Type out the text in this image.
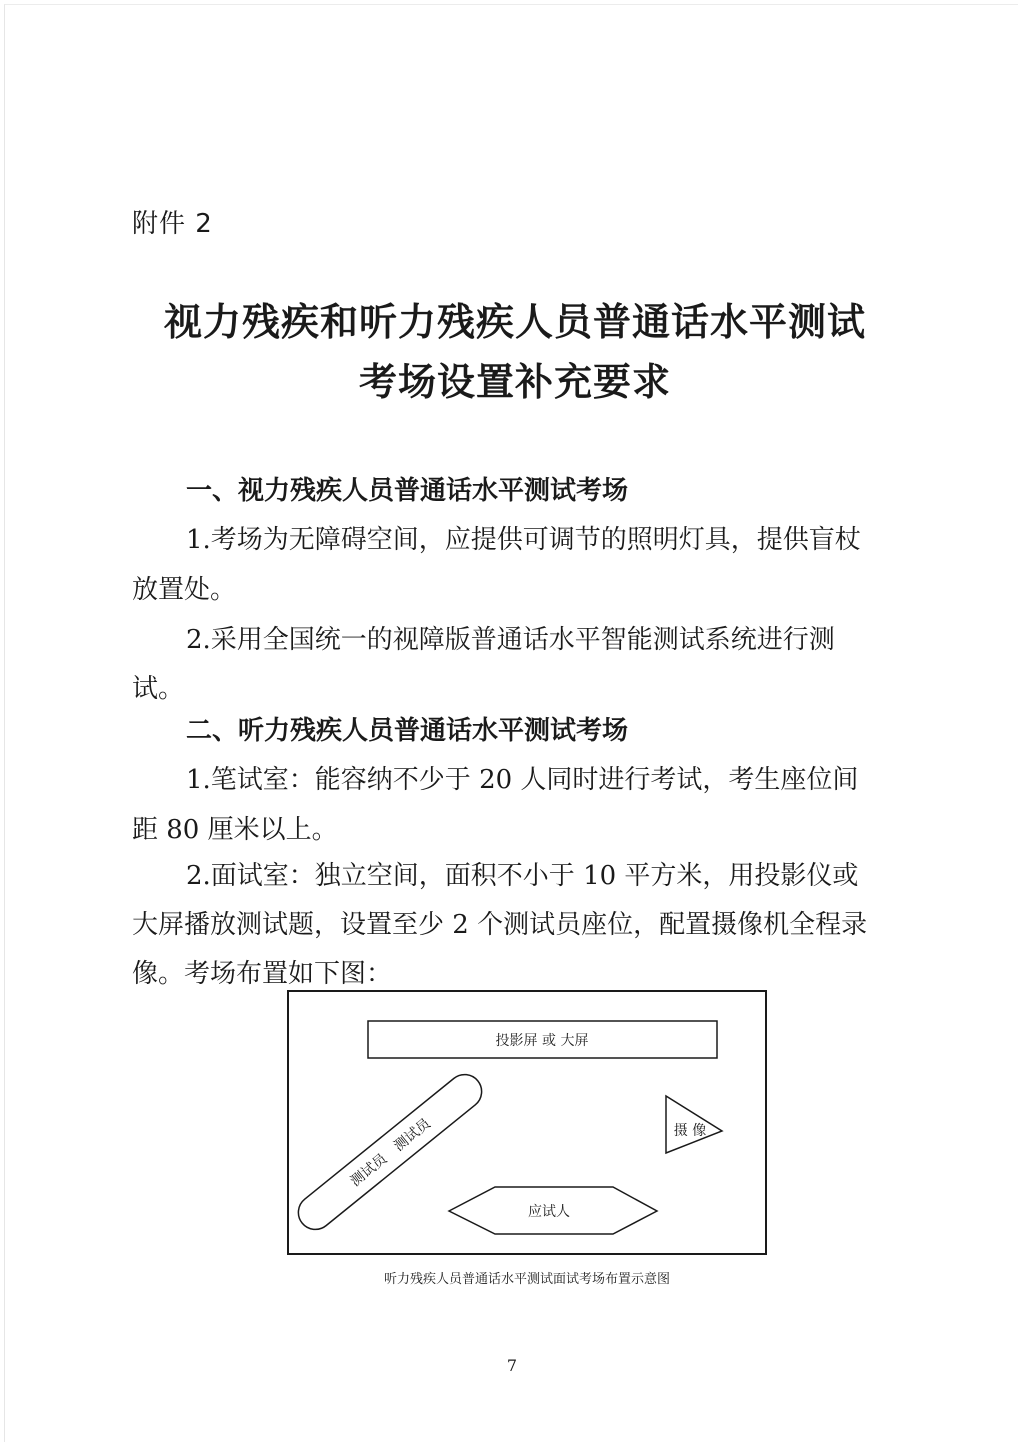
附件 2
视力残疾和听力残疾人员普通话水平测试
考场设置补充要求
一、视力残疾人员普通话水平测试考场
1.考场为无障碍空间，应提供可调节的照明灯具，提供盲杖
放置处。
2.采用全国统一的视障版普通话水平智能测试系统进行测
试。
二、听力残疾人员普通话水平测试考场
1.笔试室：能容纳不少于 20 人同时进行考试，考生座位间
距 80 厘米以上。
2.面试室：独立空间，面积不小于 10 平方米，用投影仪或
大屏播放测试题，设置至少 2 个测试员座位，配置摄像机全程录
像。考场布置如下图：
投影屏 或 大屏
摄 像
测试员　测试员
应试人
听力残疾人员普通话水平测试面试考场布置示意图
7
